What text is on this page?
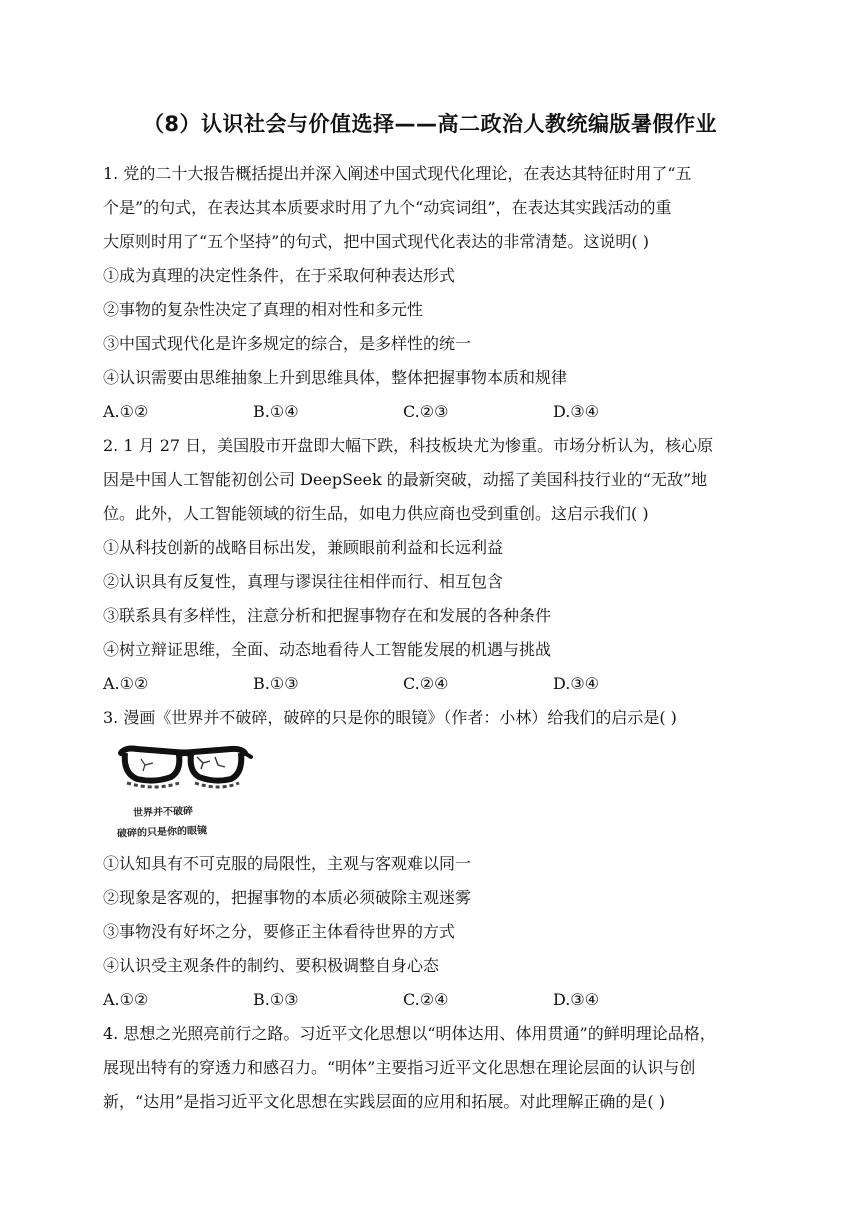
（8）认识社会与价值选择——高二政治人教统编版暑假作业
1. 党的二十大报告概括提出并深入阐述中国式现代化理论，在表达其特征时用了“五
个是”的句式，在表达其本质要求时用了九个“动宾词组”，在表达其实践活动的重
大原则时用了“五个坚持”的句式，把中国式现代化表达的非常清楚。这说明( )
①成为真理的决定性条件，在于采取何种表达形式
②事物的复杂性决定了真理的相对性和多元性
③中国式现代化是许多规定的综合，是多样性的统一
④认识需要由思维抽象上升到思维具体，整体把握事物本质和规律
A.①②	B.①④	C.②③	D.③④
2. 1 月 27 日，美国股市开盘即大幅下跌，科技板块尤为惨重。市场分析认为，核心原
因是中国人工智能初创公司 DeepSeek 的最新突破，动摇了美国科技行业的“无敌”地
位。此外，人工智能领域的衍生品，如电力供应商也受到重创。这启示我们( )
①从科技创新的战略目标出发，兼顾眼前利益和长远利益
②认识具有反复性，真理与谬误往往相伴而行、相互包含
③联系具有多样性，注意分析和把握事物存在和发展的各种条件
④树立辩证思维，全面、动态地看待人工智能发展的机遇与挑战
A.①②	B.①③	C.②④	D.③④
3. 漫画《世界并不破碎，破碎的只是你的眼镜》（作者：小林）给我们的启示是( )
世界并不破碎
破碎的只是你的眼镜
①认知具有不可克服的局限性，主观与客观难以同一
②现象是客观的，把握事物的本质必须破除主观迷雾
③事物没有好坏之分，要修正主体看待世界的方式
④认识受主观条件的制约、要积极调整自身心态
A.①②	B.①③	C.②④	D.③④
4. 思想之光照亮前行之路。习近平文化思想以“明体达用、体用贯通”的鲜明理论品格，
展现出特有的穿透力和感召力。“明体”主要指习近平文化思想在理论层面的认识与创
新，“达用”是指习近平文化思想在实践层面的应用和拓展。对此理解正确的是( )
